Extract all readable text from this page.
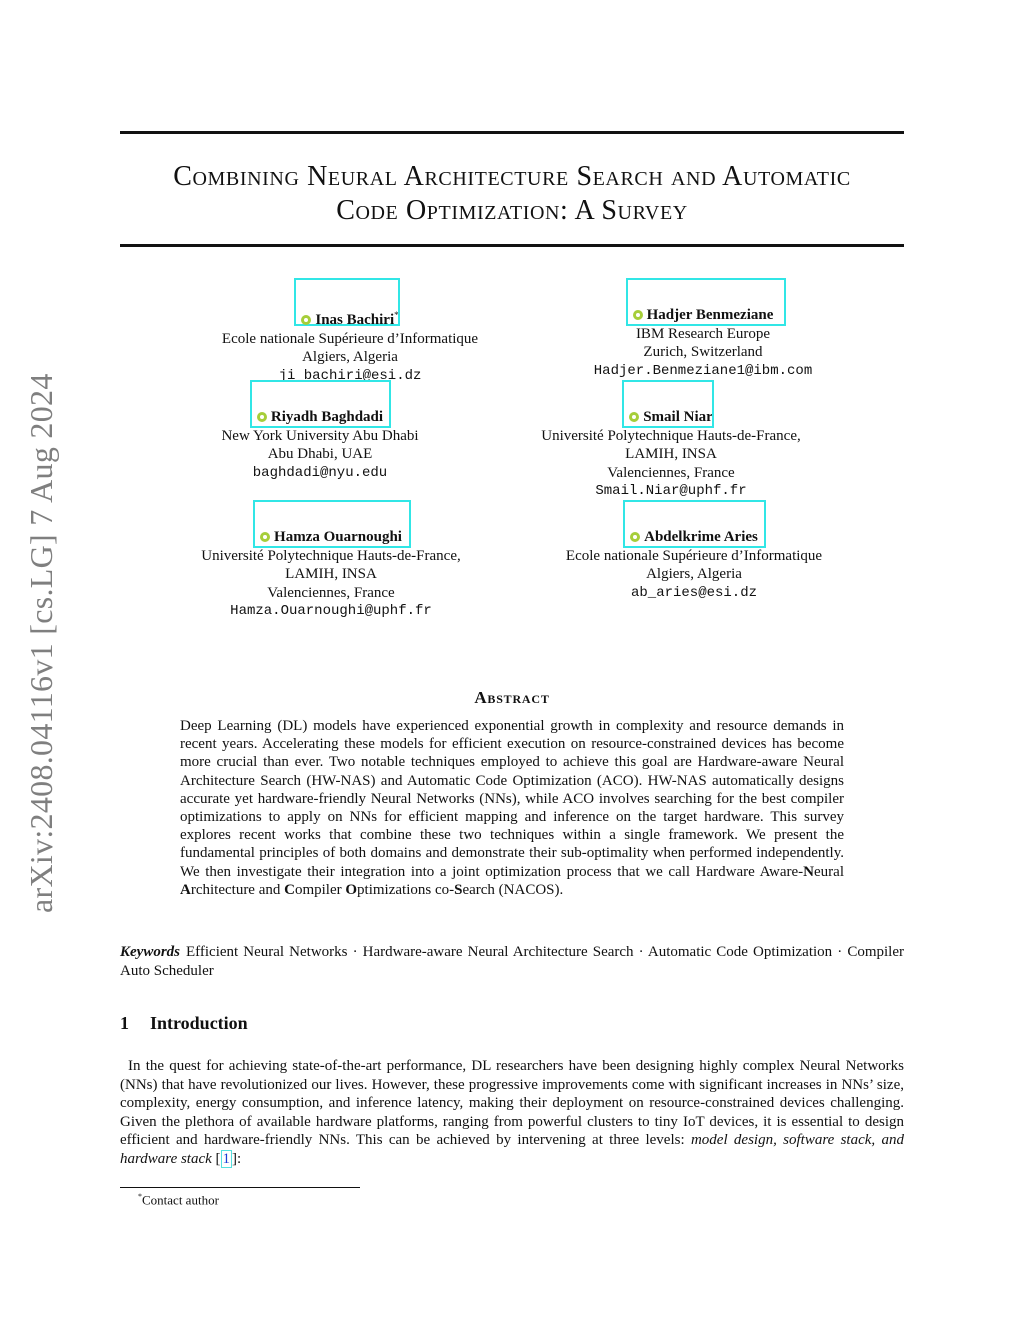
arXiv:2408.04116v1 [cs.LG] 7 Aug 2024
Combining Neural Architecture Search and Automatic
Code Optimization: A Survey
Inas Bachiri*
Ecole nationale Supérieure d’Informatique
Algiers, Algeria
ji_bachiri@esi.dz
Hadjer Benmeziane
IBM Research Europe
Zurich, Switzerland
Hadjer.Benmeziane1@ibm.com
Riyadh Baghdadi
New York University Abu Dhabi
Abu Dhabi, UAE
baghdadi@nyu.edu
Smail Niar
Université Polytechnique Hauts-de-France,
LAMIH, INSA
Valenciennes, France
Smail.Niar@uphf.fr
Hamza Ouarnoughi
Université Polytechnique Hauts-de-France,
LAMIH, INSA
Valenciennes, France
Hamza.Ouarnoughi@uphf.fr
Abdelkrime Aries
Ecole nationale Supérieure d’Informatique
Algiers, Algeria
ab_aries@esi.dz
Abstract
Deep Learning (DL) models have experienced exponential growth in complexity and resource demands in recent years. Accelerating these models for efficient execution on resource-constrained devices has become more crucial than ever. Two notable techniques employed to achieve this goal are Hardware-aware Neural Architecture Search (HW-NAS) and Automatic Code Optimization (ACO). HW-NAS automatically designs accurate yet hardware-friendly Neural Networks (NNs), while ACO involves searching for the best compiler optimizations to apply on NNs for efficient mapping and inference on the target hardware. This survey explores recent works that combine these two techniques within a single framework. We present the fundamental principles of both domains and demonstrate their sub-optimality when performed independently. We then investigate their integration into a joint optimization process that we call Hardware Aware-Neural Architecture and Compiler Optimizations co-Search (NACOS).
Keywords Efficient Neural Networks · Hardware-aware Neural Architecture Search · Automatic Code Optimization · Compiler Auto Scheduler
1 Introduction
In the quest for achieving state-of-the-art performance, DL researchers have been designing highly complex Neural Networks (NNs) that have revolutionized our lives. However, these progressive improvements come with significant increases in NNs’ size, complexity, energy consumption, and inference latency, making their deployment on resource-constrained devices challenging. Given the plethora of available hardware platforms, ranging from powerful clusters to tiny IoT devices, it is essential to design efficient and hardware-friendly NNs. This can be achieved by intervening at three levels: model design, software stack, and hardware stack [ 1 ]:
*Contact author
